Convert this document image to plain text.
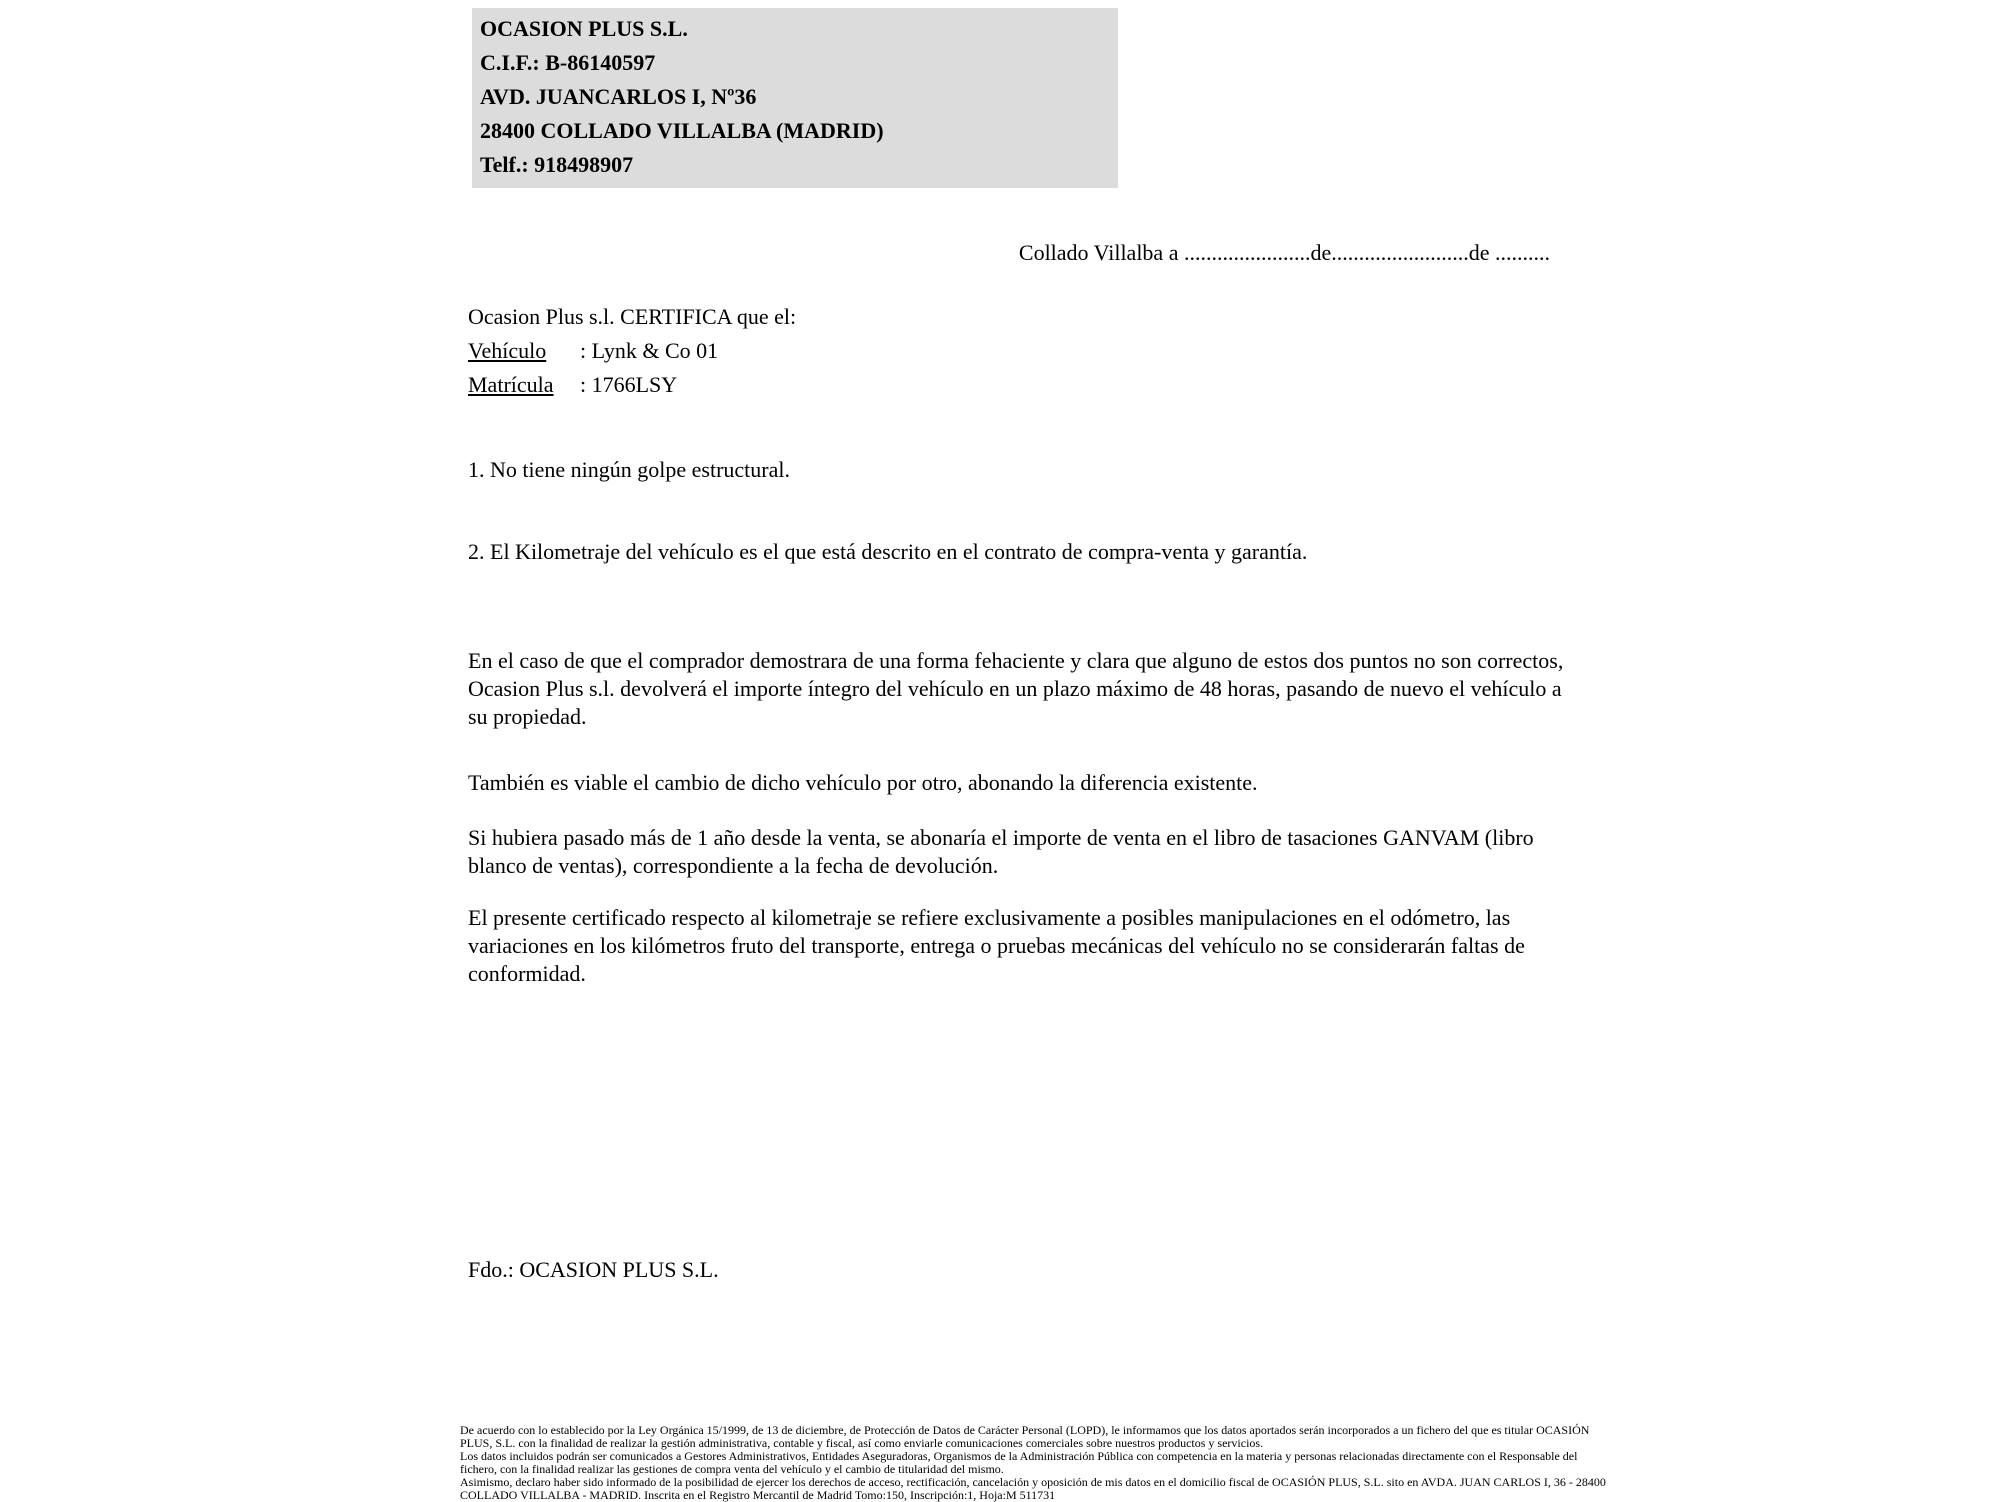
OCASION PLUS S.L.
C.I.F.: B-86140597
AVD. JUANCARLOS I, Nº36
28400 COLLADO VILLALBA (MADRID)
Telf.: 918498907
Collado Villalba a .......................de.........................de ..........
Ocasion Plus s.l. CERTIFICA que el:
Vehículo : Lynk & Co 01
Matrícula : 1766LSY
1. No tiene ningún golpe estructural.
2. El Kilometraje del vehículo es el que está descrito en el contrato de compra-venta y garantía.
En el caso de que el comprador demostrara de una forma fehaciente y clara que alguno de estos dos puntos no son correctos, Ocasion Plus s.l. devolverá el importe íntegro del vehículo en un plazo máximo de 48 horas, pasando de nuevo el vehículo a su propiedad.
También es viable el cambio de dicho vehículo por otro, abonando la diferencia existente.
Si hubiera pasado más de 1 año desde la venta, se abonaría el importe de venta en el libro de tasaciones GANVAM (libro blanco de ventas), correspondiente a la fecha de devolución.
El presente certificado respecto al kilometraje se refiere exclusivamente a posibles manipulaciones en el odómetro, las variaciones en los kilómetros fruto del transporte, entrega o pruebas mecánicas del vehículo no se considerarán faltas de conformidad.
Fdo.: OCASION PLUS S.L.

De acuerdo con lo establecido por la Ley Orgánica 15/1999, de 13 de diciembre, de Protección de Datos de Carácter Personal (LOPD), le informamos que los datos aportados serán incorporados a un fichero del que es titular OCASIÓN PLUS, S.L. con la finalidad de realizar la gestión administrativa, contable y fiscal, así como enviarle comunicaciones comerciales sobre nuestros productos y servicios.

Los datos incluidos podrán ser comunicados a Gestores Administrativos, Entidades Aseguradoras, Organismos de la Administración Pública con competencia en la materia y personas relacionadas directamente con el Responsable del fichero, con la finalidad realizar las gestiones de compra venta del vehículo y el cambio de titularidad del mismo.

Asimismo, declaro haber sido informado de la posibilidad de ejercer los derechos de acceso, rectificación, cancelación y oposición de mis datos en el domicilio fiscal de OCASIÓN PLUS, S.L. sito en AVDA. JUAN CARLOS I, 36 - 28400 COLLADO VILLALBA - MADRID. Inscrita en el Registro Mercantil de Madrid Tomo:150, Inscripción:1, Hoja:M 511731
